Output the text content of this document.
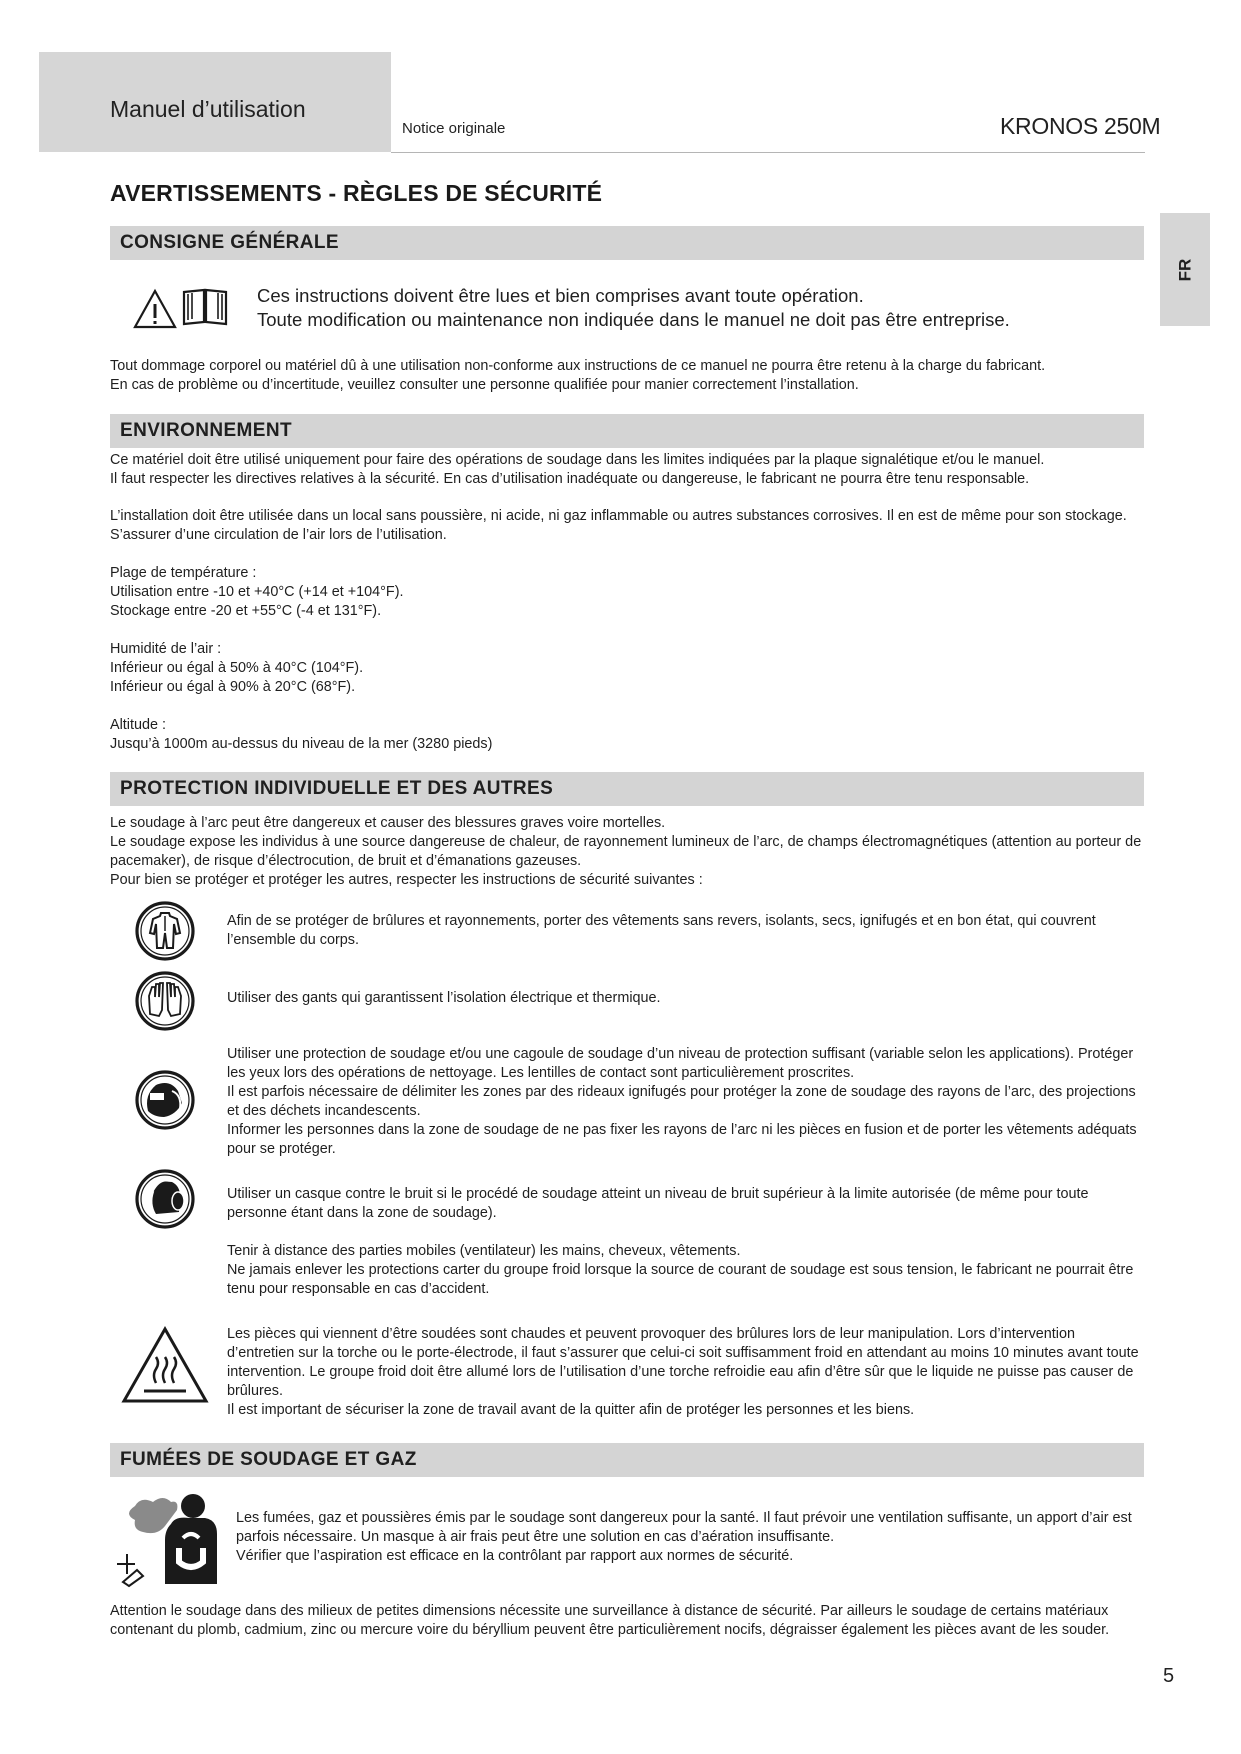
Manuel d’utilisation
Notice originale	KRONOS 250M
FR
AVERTISSEMENTS - RÈGLES DE SÉCURITÉ
CONSIGNE GÉNÉRALE
Ces instructions doivent être lues et bien comprises avant toute opération.
Toute modification ou maintenance non indiquée dans le manuel ne doit pas être entreprise.
Tout dommage corporel ou matériel dû à une utilisation non-conforme aux instructions de ce manuel ne pourra être retenu à la charge du fabricant.
En cas de problème ou d’incertitude, veuillez consulter une personne qualifiée pour manier correctement l’installation.
ENVIRONNEMENT
Ce matériel doit être utilisé uniquement pour faire des opérations de soudage dans les limites indiquées par la plaque signalétique et/ou le manuel.
Il faut respecter les directives relatives à la sécurité. En cas d’utilisation inadéquate ou dangereuse, le fabricant ne pourra être tenu responsable.
L’installation doit être utilisée dans un local sans poussière, ni acide, ni gaz inflammable ou autres substances corrosives. Il en est de même pour son stockage. S’assurer d’une circulation de l’air lors de l’utilisation.
Plage de température :
Utilisation entre -10 et +40°C (+14 et +104°F).
Stockage entre -20 et +55°C (-4 et 131°F).
Humidité de l’air :
Inférieur ou égal à 50% à 40°C (104°F).
Inférieur ou égal à 90% à 20°C (68°F).
Altitude :
Jusqu’à 1000m au-dessus du niveau de la mer (3280 pieds)
PROTECTION INDIVIDUELLE ET DES AUTRES
Le soudage à l’arc peut être dangereux et causer des blessures graves voire mortelles.
Le soudage expose les individus à une source dangereuse de chaleur, de rayonnement lumineux de l’arc, de champs électromagnétiques (attention au porteur de pacemaker), de risque d’électrocution, de bruit et d’émanations gazeuses.
Pour bien se protéger et protéger les autres, respecter les instructions de sécurité suivantes :
Afin de se protéger de brûlures et rayonnements, porter des vêtements sans revers, isolants, secs, ignifugés et en bon état, qui couvrent l’ensemble du corps.
Utiliser des gants qui garantissent l’isolation électrique et thermique.
Utiliser une protection de soudage et/ou une cagoule de soudage d’un niveau de protection suffisant (variable selon les applications). Protéger les yeux lors des opérations de nettoyage. Les lentilles de contact sont particulièrement proscrites.
Il est parfois nécessaire de délimiter les zones par des rideaux ignifugés pour protéger la zone de soudage des rayons de l’arc, des projections et des déchets incandescents.
Informer les personnes dans la zone de soudage de ne pas fixer les rayons de l’arc ni les pièces en fusion et de porter les vêtements adéquats pour se protéger.
Utiliser un casque contre le bruit si le procédé de soudage atteint un niveau de bruit supérieur à la limite autorisée (de même pour toute personne étant dans la zone de soudage).
Tenir à distance des parties mobiles (ventilateur) les mains, cheveux, vêtements.
Ne jamais enlever les protections carter du groupe froid lorsque la source de courant de soudage est sous tension, le fabricant ne pourrait être tenu pour responsable en cas d’accident.
Les pièces qui viennent d’être soudées sont chaudes et peuvent provoquer des brûlures lors de leur manipulation. Lors d’intervention d’entretien sur la torche ou le porte-électrode, il faut s’assurer que celui-ci soit suffisamment froid en attendant au moins 10 minutes avant toute intervention. Le groupe froid doit être allumé lors de l’utilisation d’une torche refroidie eau afin d’être sûr que le liquide ne puisse pas causer de brûlures.
Il est important de sécuriser la zone de travail avant de la quitter afin de protéger les personnes et les biens.
FUMÉES DE SOUDAGE ET GAZ
Les fumées, gaz et poussières émis par le soudage sont dangereux pour la santé. Il faut prévoir une ventilation suffisante, un apport d’air est parfois nécessaire. Un masque à air frais peut être une solution en cas d’aération insuffisante.
Vérifier que l’aspiration est efficace en la contrôlant par rapport aux normes de sécurité.
Attention le soudage dans des milieux de petites dimensions nécessite une surveillance à distance de sécurité. Par ailleurs le soudage de certains matériaux contenant du plomb, cadmium, zinc ou mercure voire du béryllium peuvent être particulièrement nocifs, dégraisser également les pièces avant de les souder.
5
